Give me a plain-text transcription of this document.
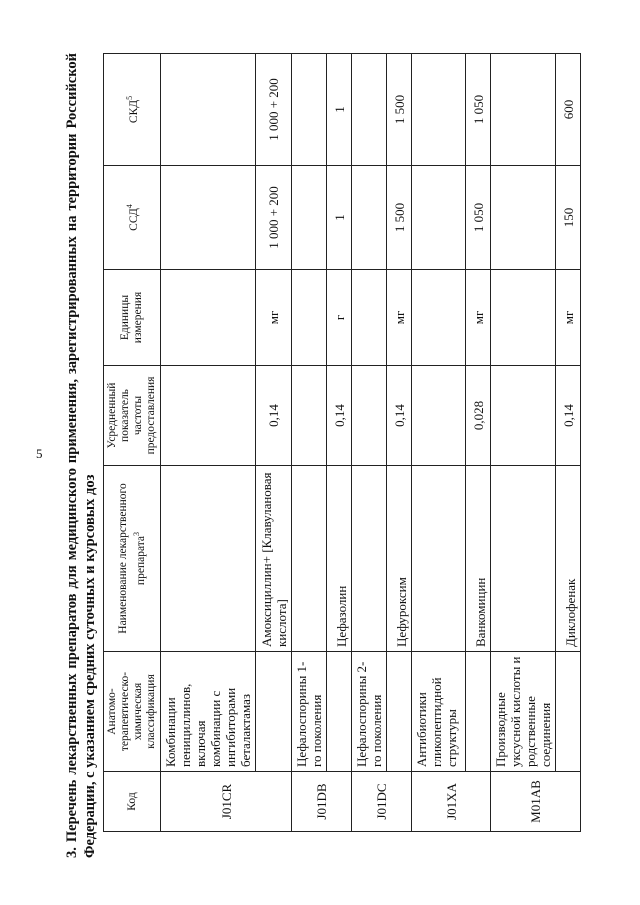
5 3. Перечень лекарственных препаратов для медицинского применения, зарегистрированных на территории Российской Федерации, с указанием средних суточных и курсовых доз	Код	Анатомо-терапевтическо-химическая классификация	Наименование лекарственного препарата$^3$	Усредненный показатель частоты предоставления	Единицы измерения	ССД$^4$	СКД$^5$
J01CR	Комбинации пенициллинов, включая комбинации с ингибиторами беталактамаз					
		Амоксициллин+ [Клавулановая кислота]	0,14	мг	1 000 + 200	1 000 + 200
J01DB	Цефалоспорины 1-го поколения					
		Цефазолин	0,14	г	1	1
J01DC	Цефалоспорины 2-го поколения					
		Цефуроксим	0,14	мг	1 500	1 500
J01XA	Антибиотики гликопептидной структуры					
		Ванкомицин	0,028	мг	1 050	1 050
M01AB	Производные уксусной кислоты и родственные соединения					
		Диклофенак	0,14	мг	150	600
